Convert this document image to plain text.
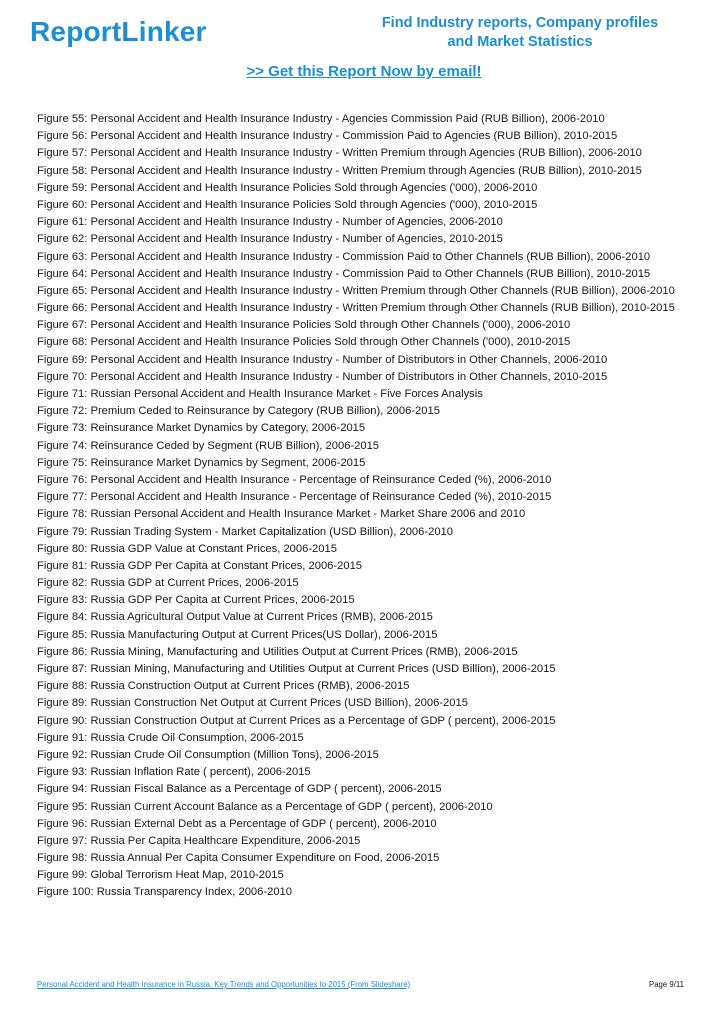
ReportLinker	Find Industry reports, Company profiles
and Market Statistics
>> Get this Report Now by email!
Figure 55: Personal Accident and Health Insurance Industry - Agencies Commission Paid (RUB Billion), 2006-2010
Figure 56: Personal Accident and Health Insurance Industry - Commission Paid to Agencies (RUB Billion), 2010-2015
Figure 57: Personal Accident and Health Insurance Industry - Written Premium through Agencies (RUB Billion), 2006-2010
Figure 58: Personal Accident and Health Insurance Industry - Written Premium through Agencies (RUB Billion), 2010-2015
Figure 59: Personal Accident and Health Insurance Policies Sold through Agencies ('000), 2006-2010
Figure 60: Personal Accident and Health Insurance Policies Sold through Agencies ('000), 2010-2015
Figure 61: Personal Accident and Health Insurance Industry - Number of Agencies, 2006-2010
Figure 62: Personal Accident and Health Insurance Industry - Number of Agencies, 2010-2015
Figure 63: Personal Accident and Health Insurance Industry - Commission Paid to Other Channels (RUB Billion), 2006-2010
Figure 64: Personal Accident and Health Insurance Industry - Commission Paid to Other Channels (RUB Billion), 2010-2015
Figure 65: Personal Accident and Health Insurance Industry - Written Premium through Other Channels (RUB Billion), 2006-2010
Figure 66: Personal Accident and Health Insurance Industry - Written Premium through Other Channels (RUB Billion), 2010-2015
Figure 67: Personal Accident and Health Insurance Policies Sold through Other Channels ('000), 2006-2010
Figure 68: Personal Accident and Health Insurance Policies Sold through Other Channels ('000), 2010-2015
Figure 69: Personal Accident and Health Insurance Industry - Number of Distributors in Other Channels, 2006-2010
Figure 70: Personal Accident and Health Insurance Industry - Number of Distributors in Other Channels, 2010-2015
Figure 71: Russian Personal Accident and Health Insurance Market - Five Forces Analysis
Figure 72: Premium Ceded to Reinsurance by Category (RUB Billion), 2006-2015
Figure 73: Reinsurance Market Dynamics by Category, 2006-2015
Figure 74: Reinsurance Ceded by Segment (RUB Billion), 2006-2015
Figure 75: Reinsurance Market Dynamics by Segment, 2006-2015
Figure 76: Personal Accident and Health Insurance - Percentage of Reinsurance Ceded (%), 2006-2010
Figure 77: Personal Accident and Health Insurance - Percentage of Reinsurance Ceded (%), 2010-2015
Figure 78: Russian Personal Accident and Health Insurance Market - Market Share 2006 and 2010
Figure 79: Russian Trading System - Market Capitalization (USD Billion), 2006-2010
Figure 80: Russia GDP Value at Constant Prices, 2006-2015
Figure 81: Russia GDP Per Capita at Constant Prices, 2006-2015
Figure 82: Russia GDP at Current Prices, 2006-2015
Figure 83: Russia GDP Per Capita at Current Prices, 2006-2015
Figure 84: Russia Agricultural Output Value at Current Prices (RMB), 2006-2015
Figure 85: Russia Manufacturing Output at Current Prices(US Dollar), 2006-2015
Figure 86: Russia Mining, Manufacturing and Utilities Output at Current Prices (RMB), 2006-2015
Figure 87: Russian Mining, Manufacturing and Utilities Output at Current Prices (USD Billion), 2006-2015
Figure 88: Russia Construction Output at Current Prices (RMB), 2006-2015
Figure 89: Russian Construction Net Output at Current Prices (USD Billion), 2006-2015
Figure 90: Russian Construction Output at Current Prices as a Percentage of GDP ( percent), 2006-2015
Figure 91: Russia Crude Oil Consumption, 2006-2015
Figure 92: Russian Crude Oil Consumption (Million Tons), 2006-2015
Figure 93: Russian Inflation Rate ( percent), 2006-2015
Figure 94: Russian Fiscal Balance as a Percentage of GDP ( percent), 2006-2015
Figure 95: Russian Current Account Balance as a Percentage of GDP ( percent), 2006-2010
Figure 96: Russian External Debt as a Percentage of GDP ( percent), 2006-2010
Figure 97: Russia Per Capita Healthcare Expenditure, 2006-2015
Figure 98: Russia Annual Per Capita Consumer Expenditure on Food, 2006-2015
Figure 99: Global Terrorism Heat Map, 2010-2015
Figure 100: Russia Transparency Index, 2006-2010
Personal Accident and Health Insurance in Russia, Key Trends and Opportunities to 2015 (From Slideshare)	Page 9/11
